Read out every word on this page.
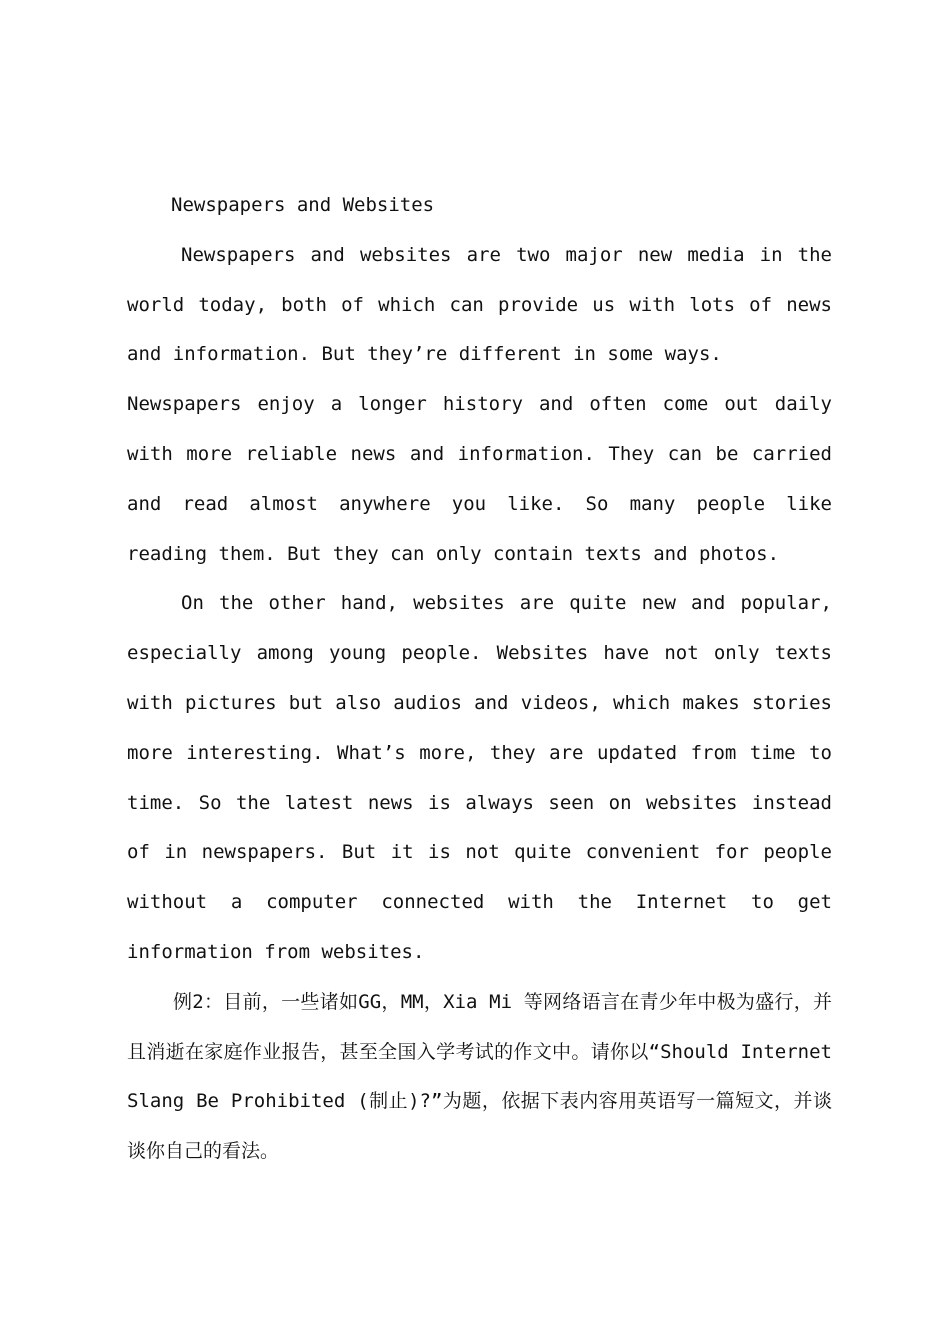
Newspapers and Websites

Newspapers and websites are two major new media in the world today, both of which can provide us with lots of news and information. But they’re different in some ways.

Newspapers enjoy a longer history and often come out daily with more reliable news and information. They can be carried and read almost anywhere you like. So many people like reading them. But they can only contain texts and photos.

On the other hand, websites are quite new and popular, especially among young people. Websites have not only texts with pictures but also audios and videos, which makes stories more interesting. What’s more, they are updated from time to time. So the latest news is always seen on websites instead of in newspapers. But it is not quite convenient for people without a computer connected with the Internet to get information from websites.

例2：目前，一些诸如GG，MM，Xia Mi 等网络语言在青少年中极为盛行，并且消逝在家庭作业报告，甚至全国入学考试的作文中。请你以“Should Internet Slang Be Prohibited (制止)?”为题，依据下表内容用英语写一篇短文，并谈谈你自己的看法。
